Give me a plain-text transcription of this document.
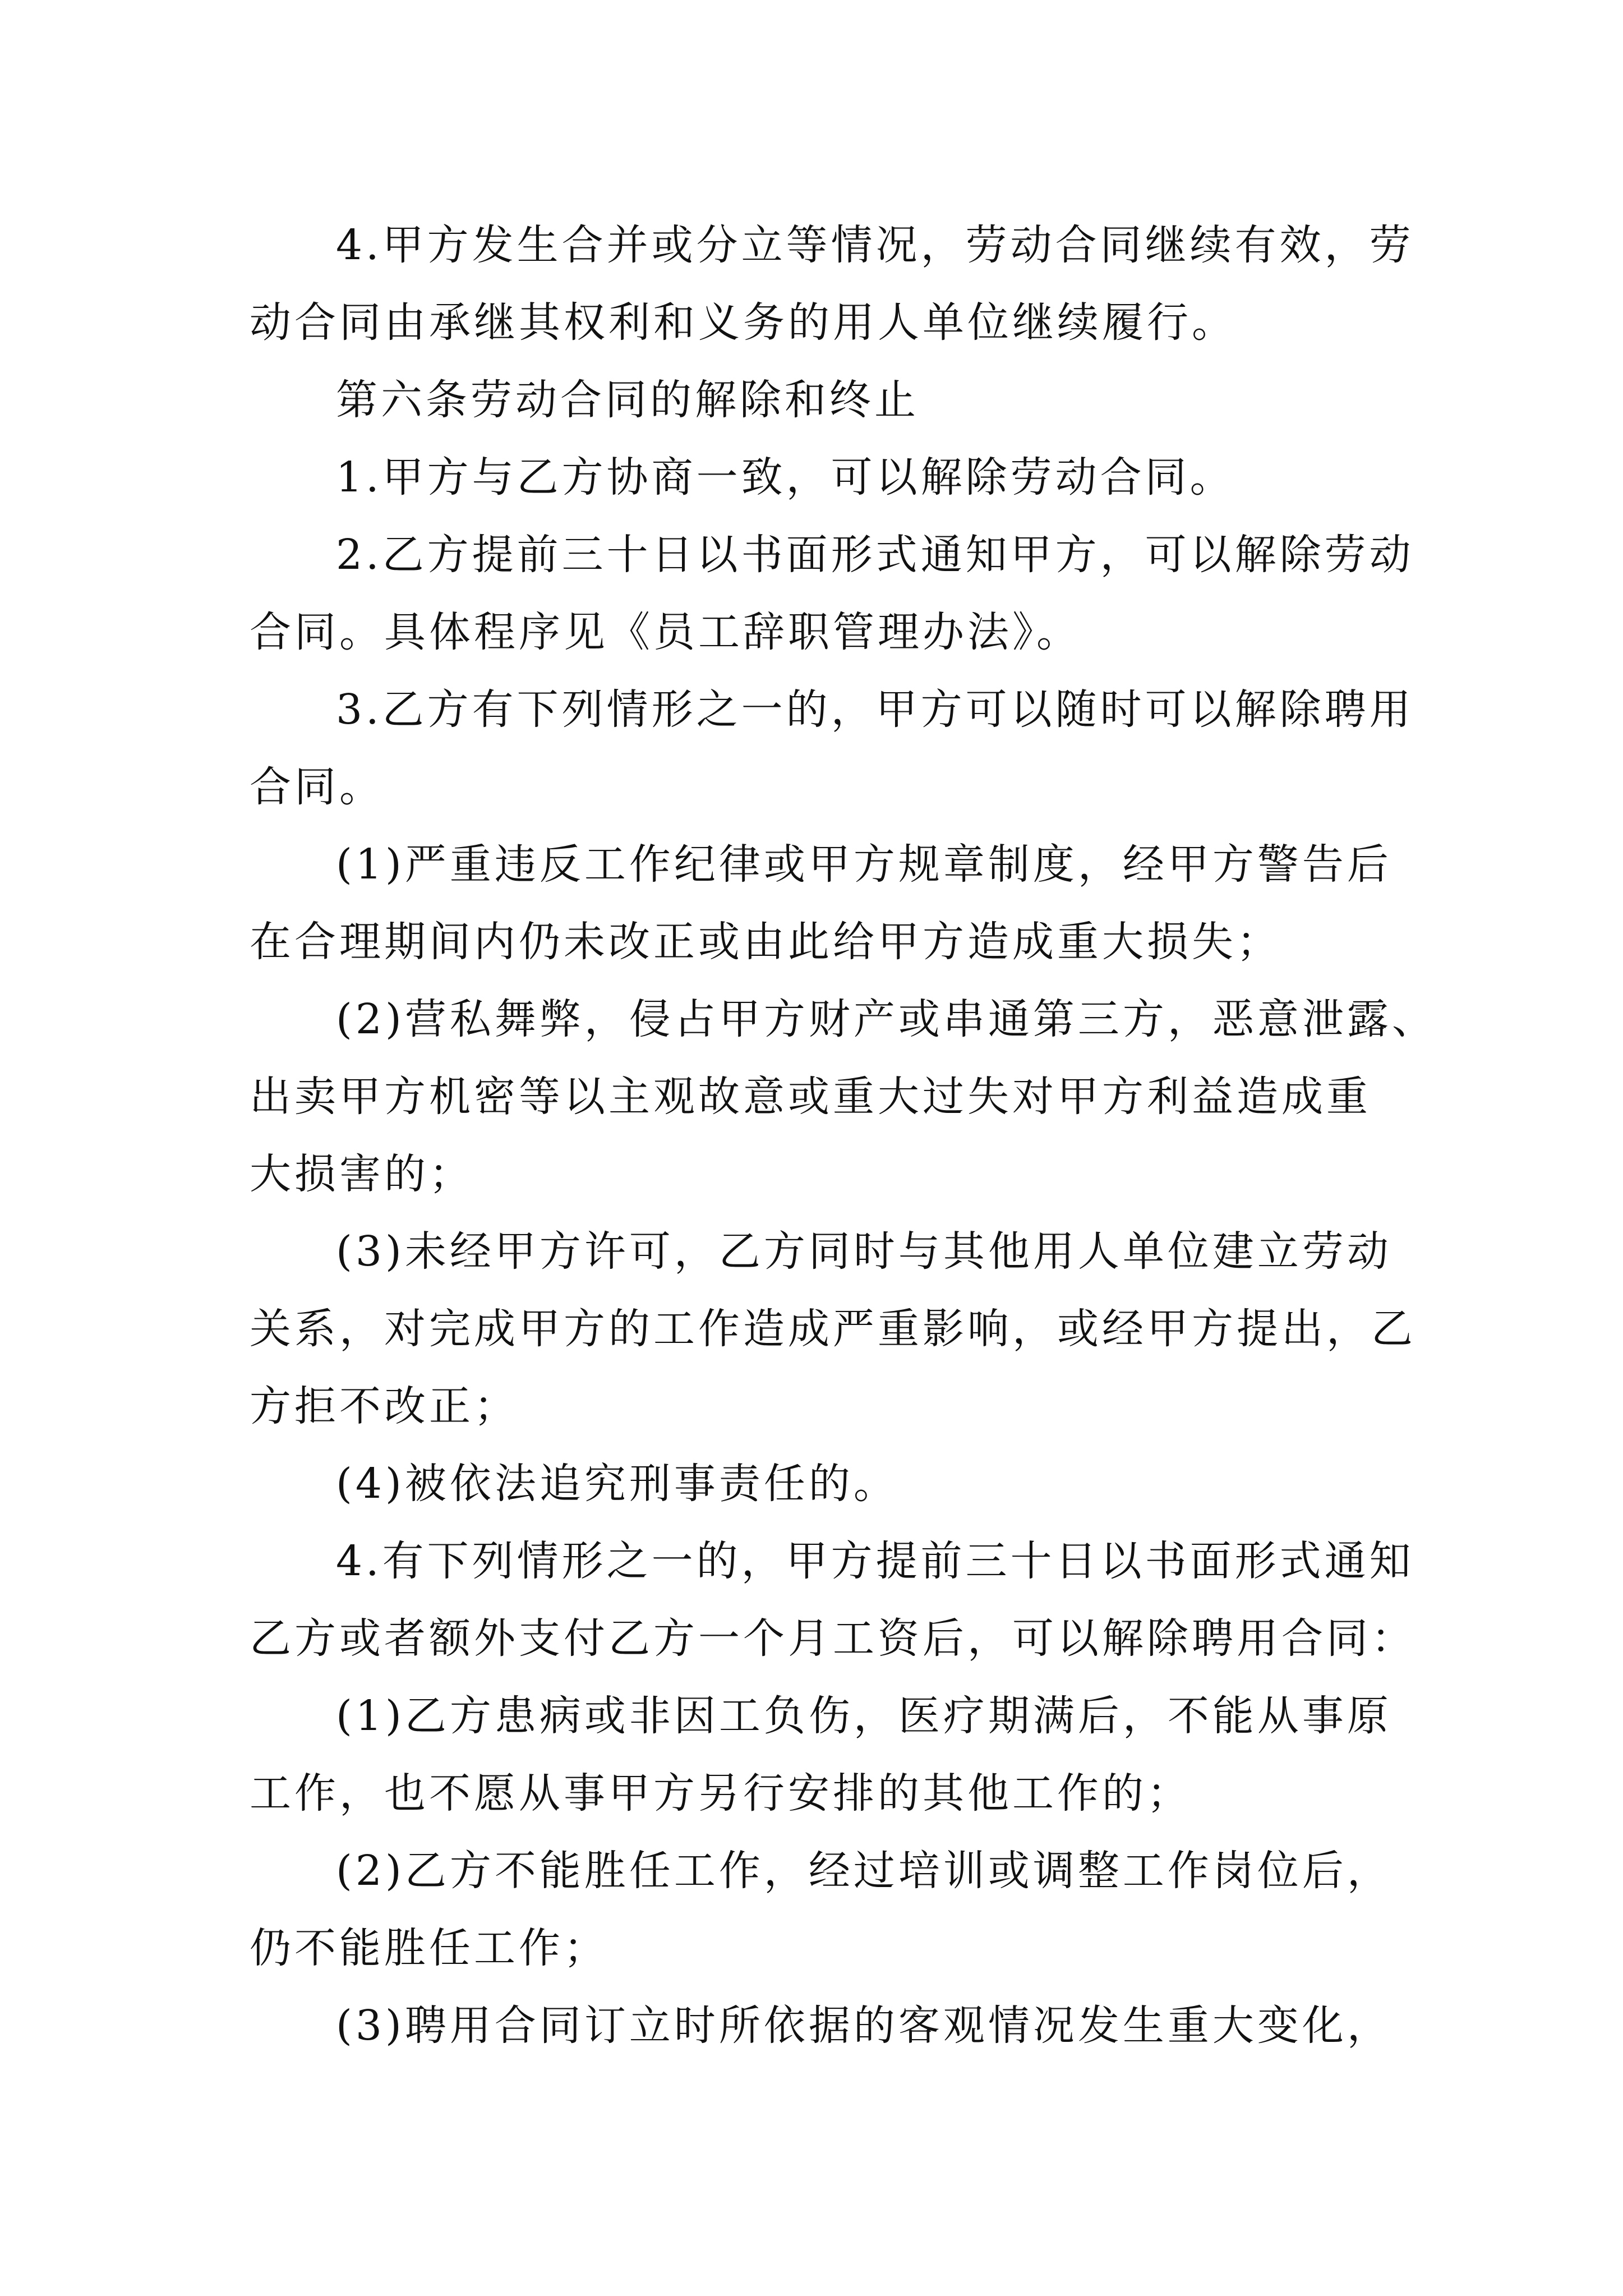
4.甲方发生合并或分立等情况，劳动合同继续有效，劳

动合同由承继其权利和义务的用人单位继续履行。

第六条劳动合同的解除和终止

1.甲方与乙方协商一致，可以解除劳动合同。

2.乙方提前三十日以书面形式通知甲方，可以解除劳动

合同。具体程序见《员工辞职管理办法》。

3.乙方有下列情形之一的，甲方可以随时可以解除聘用

合同。

(1)严重违反工作纪律或甲方规章制度，经甲方警告后

在合理期间内仍未改正或由此给甲方造成重大损失；

(2)营私舞弊，侵占甲方财产或串通第三方，恶意泄露、

出卖甲方机密等以主观故意或重大过失对甲方利益造成重

大损害的；

(3)未经甲方许可，乙方同时与其他用人单位建立劳动

关系，对完成甲方的工作造成严重影响，或经甲方提出，乙

方拒不改正；

(4)被依法追究刑事责任的。

4.有下列情形之一的，甲方提前三十日以书面形式通知

乙方或者额外支付乙方一个月工资后，可以解除聘用合同：

(1)乙方患病或非因工负伤，医疗期满后，不能从事原

工作，也不愿从事甲方另行安排的其他工作的；

(2)乙方不能胜任工作，经过培训或调整工作岗位后，

仍不能胜任工作；

(3)聘用合同订立时所依据的客观情况发生重大变化，
